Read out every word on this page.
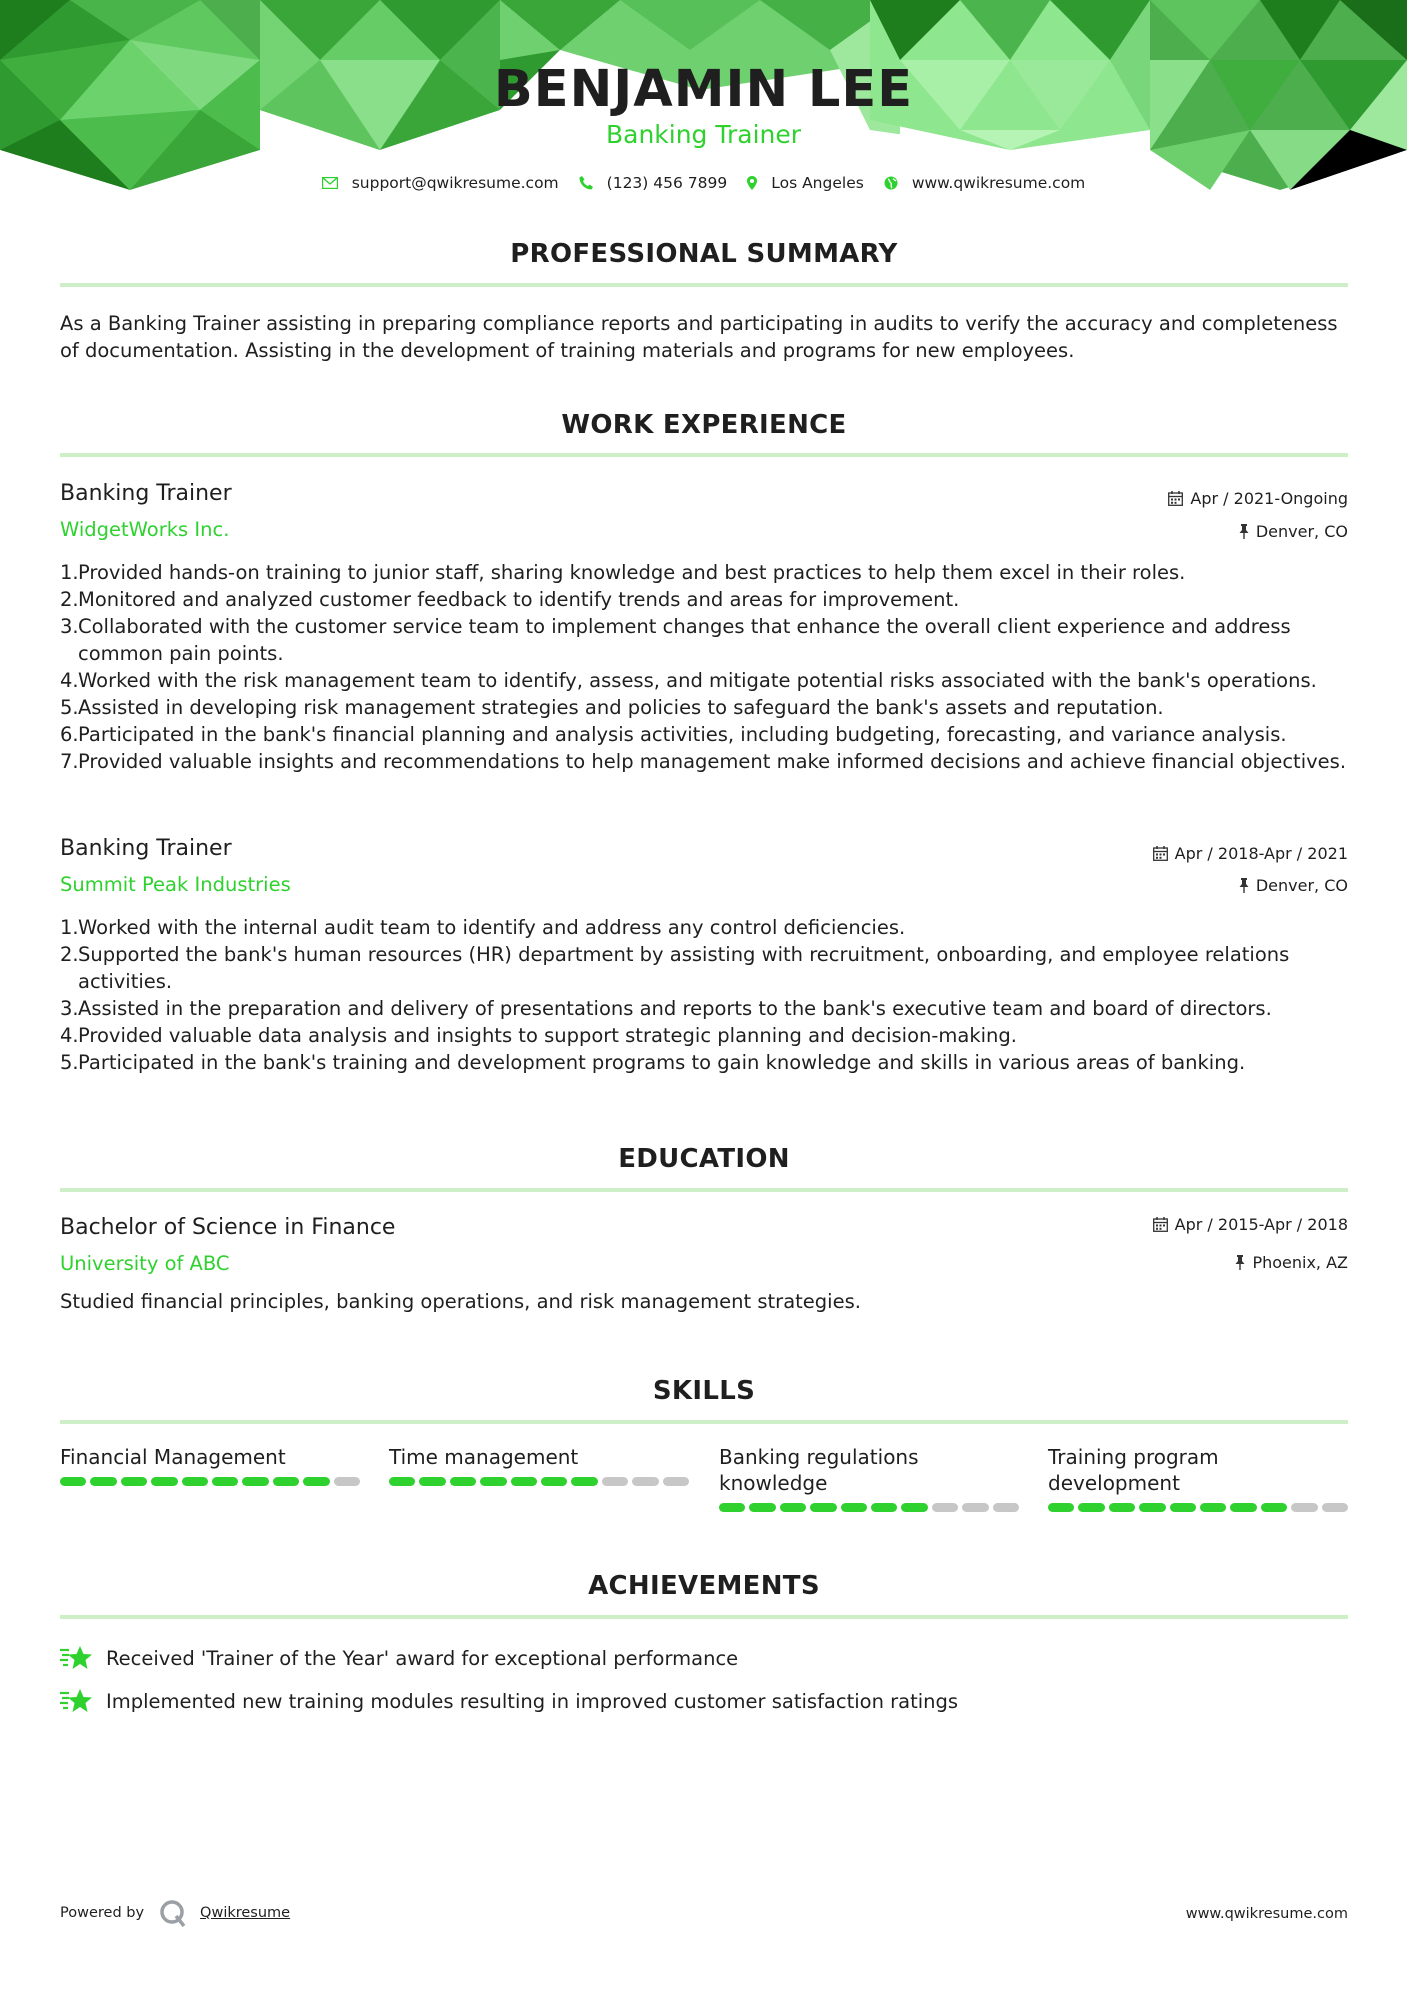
BENJAMIN LEE
Banking Trainer
support@qwikresume.com	(123) 456 7899	Los Angeles	www.qwikresume.com
PROFESSIONAL SUMMARY
As a Banking Trainer assisting in preparing compliance reports and participating in audits to verify the accuracy and completeness of documentation. Assisting in the development of training materials and programs for new employees.
WORK EXPERIENCE
Banking Trainer
WidgetWorks Inc.
Apr / 2021-Ongoing
Denver, CO
1. Provided hands-on training to junior staff, sharing knowledge and best practices to help them excel in their roles.
2. Monitored and analyzed customer feedback to identify trends and areas for improvement.
3. Collaborated with the customer service team to implement changes that enhance the overall client experience and address common pain points.
4. Worked with the risk management team to identify, assess, and mitigate potential risks associated with the bank's operations.
5. Assisted in developing risk management strategies and policies to safeguard the bank's assets and reputation.
6. Participated in the bank's financial planning and analysis activities, including budgeting, forecasting, and variance analysis.
7. Provided valuable insights and recommendations to help management make informed decisions and achieve financial objectives.
Banking Trainer
Summit Peak Industries
Apr / 2018-Apr / 2021
Denver, CO
1. Worked with the internal audit team to identify and address any control deficiencies.
2. Supported the bank's human resources (HR) department by assisting with recruitment, onboarding, and employee relations activities.
3. Assisted in the preparation and delivery of presentations and reports to the bank's executive team and board of directors.
4. Provided valuable data analysis and insights to support strategic planning and decision-making.
5. Participated in the bank's training and development programs to gain knowledge and skills in various areas of banking.
EDUCATION
Bachelor of Science in Finance
University of ABC
Apr / 2015-Apr / 2018
Phoenix, AZ
Studied financial principles, banking operations, and risk management strategies.
SKILLS
Financial Management	Time management	Banking regulations knowledge
Training program development
ACHIEVEMENTS
Received 'Trainer of the Year' award for exceptional performance
Implemented new training modules resulting in improved customer satisfaction ratings
Powered by	Qwikresume	www.qwikresume.com
